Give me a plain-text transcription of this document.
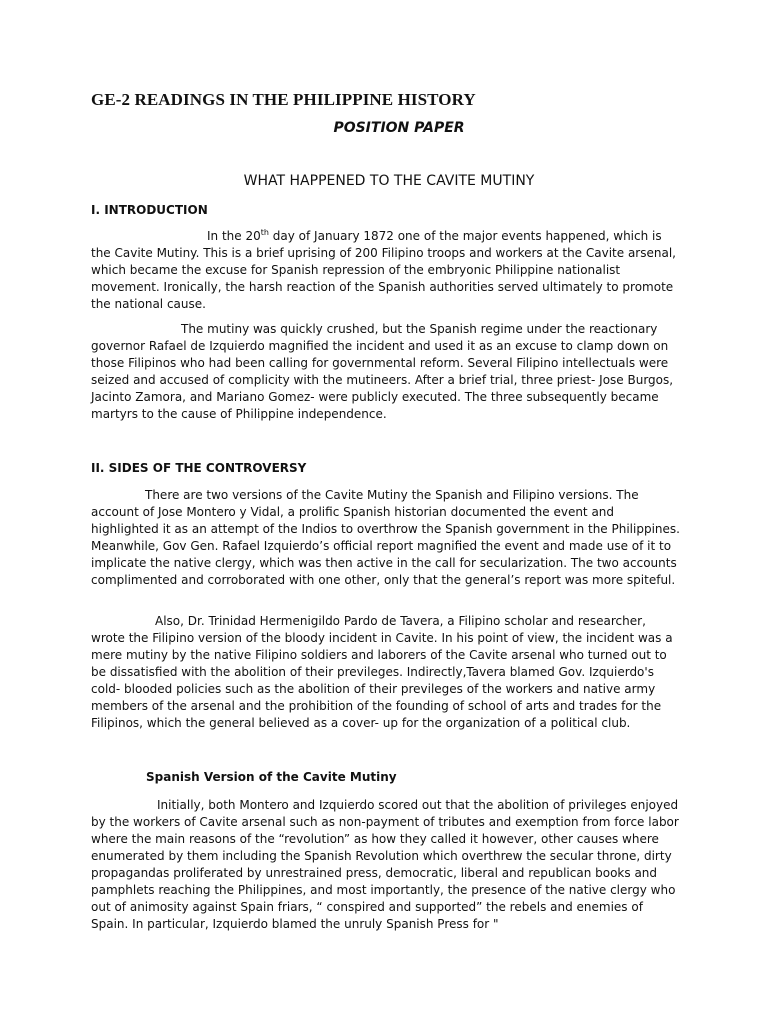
GE-2 READINGS IN THE PHILIPPINE HISTORY
POSITION PAPER
WHAT HAPPENED TO THE CAVITE MUTINY
I. INTRODUCTION

In the 20th day of January 1872 one of the major events happened, which is the Cavite Mutiny. This is a brief uprising of 200 Filipino troops and workers at the Cavite arsenal, which became the excuse for Spanish repression of the embryonic Philippine nationalist movement. Ironically, the harsh reaction of the Spanish authorities served ultimately to promote the national cause.

The mutiny was quickly crushed, but the Spanish regime under the reactionary governor Rafael de Izquierdo magnified the incident and used it as an excuse to clamp down on those Filipinos who had been calling for governmental reform. Several Filipino intellectuals were seized and accused of complicity with the mutineers. After a brief trial, three priest- Jose Burgos, Jacinto Zamora, and Mariano Gomez- were publicly executed. The three subsequently became martyrs to the cause of Philippine independence.

II. SIDES OF THE CONTROVERSY

There are two versions of the Cavite Mutiny the Spanish and Filipino versions. The account of Jose Montero y Vidal, a prolific Spanish historian documented the event and highlighted it as an attempt of the Indios to overthrow the Spanish government in the Philippines. Meanwhile, Gov Gen. Rafael Izquierdo’s official report magnified the event and made use of it to implicate the native clergy, which was then active in the call for secularization. The two accounts complimented and corroborated with one other, only that the general’s report was more spiteful.

Also, Dr. Trinidad Hermenigildo Pardo de Tavera, a Filipino scholar and researcher, wrote the Filipino version of the bloody incident in Cavite. In his point of view, the incident was a mere mutiny by the native Filipino soldiers and laborers of the Cavite arsenal who turned out to be dissatisfied with the abolition of their previleges. Indirectly,Tavera blamed Gov. Izquierdo's cold- blooded policies such as the abolition of their previleges of the workers and native army members of the arsenal and the prohibition of the founding of school of arts and trades for the Filipinos, which the general believed as a cover- up for the organization of a political club.

Spanish Version of the Cavite Mutiny

Initially, both Montero and Izquierdo scored out that the abolition of privileges enjoyed by the workers of Cavite arsenal such as non-payment of tributes and exemption from force labor where the main reasons of the “revolution” as how they called it however, other causes where enumerated by them including the Spanish Revolution which overthrew the secular throne, dirty propagandas proliferated by unrestrained press, democratic, liberal and republican books and pamphlets reaching the Philippines, and most importantly, the presence of the native clergy who out of animosity against Spain friars, “ conspired and supported” the rebels and enemies of Spain. In particular, Izquierdo blamed the unruly Spanish Press for "
